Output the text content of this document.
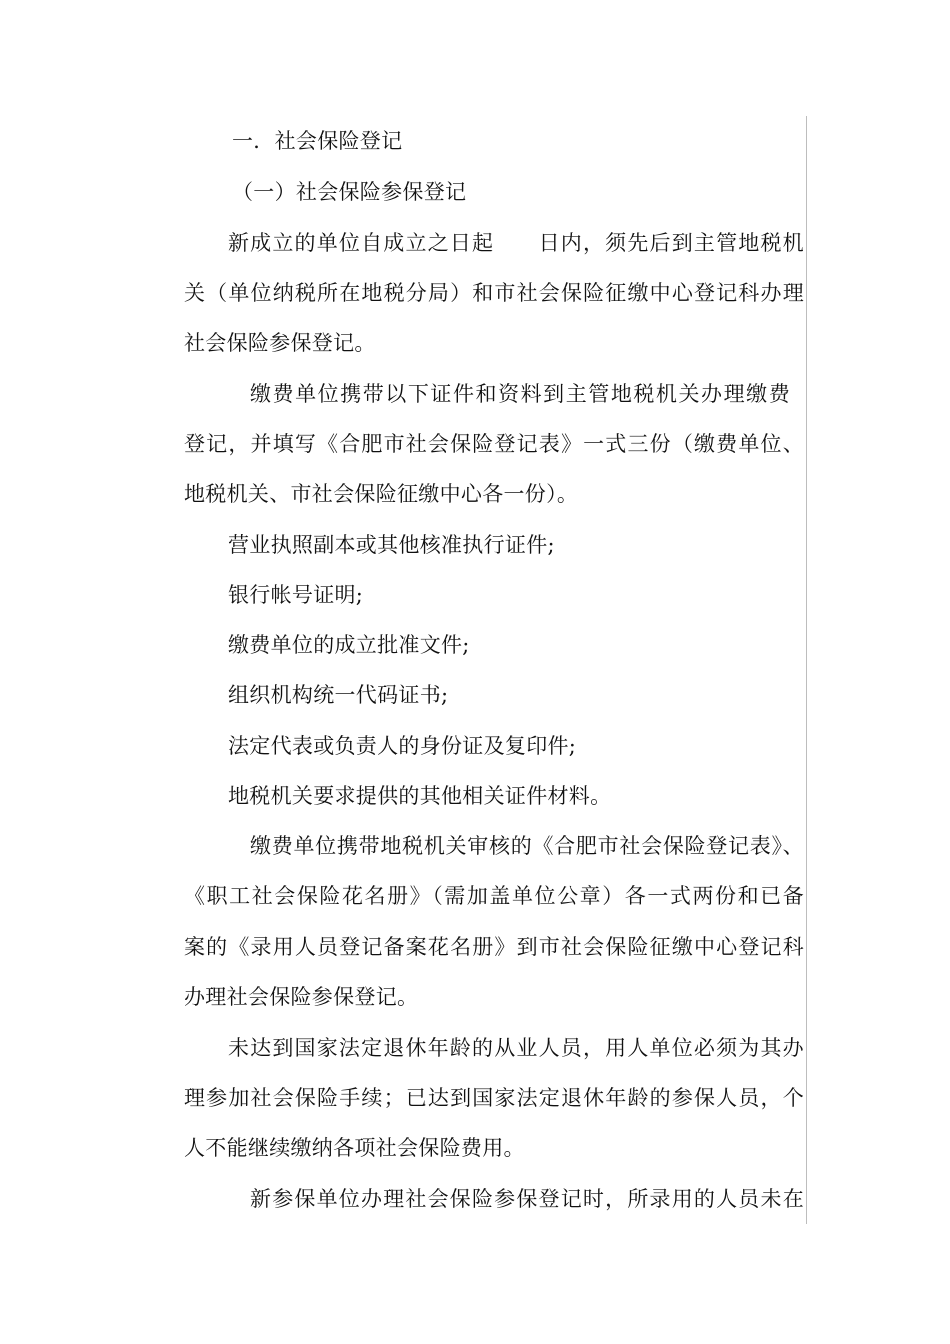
一．社会保险登记
（一）社会保险参保登记
新成立的单位自成立之日起　　日内，须先后到主管地税机
关（单位纳税所在地税分局）和市社会保险征缴中心登记科办理
社会保险参保登记。
缴费单位携带以下证件和资料到主管地税机关办理缴费
登记，并填写《合肥市社会保险登记表》一式三份（缴费单位、
地税机关、市社会保险征缴中心各一份）。
营业执照副本或其他核准执行证件;
银行帐号证明;
缴费单位的成立批准文件;
组织机构统一代码证书;
法定代表或负责人的身份证及复印件;
地税机关要求提供的其他相关证件材料。
缴费单位携带地税机关审核的《合肥市社会保险登记表》、
《职工社会保险花名册》（需加盖单位公章）各一式两份和已备
案的《录用人员登记备案花名册》到市社会保险征缴中心登记科
办理社会保险参保登记。
未达到国家法定退休年龄的从业人员，用人单位必须为其办
理参加社会保险手续；已达到国家法定退休年龄的参保人员，个
人不能继续缴纳各项社会保险费用。
新参保单位办理社会保险参保登记时，所录用的人员未在
